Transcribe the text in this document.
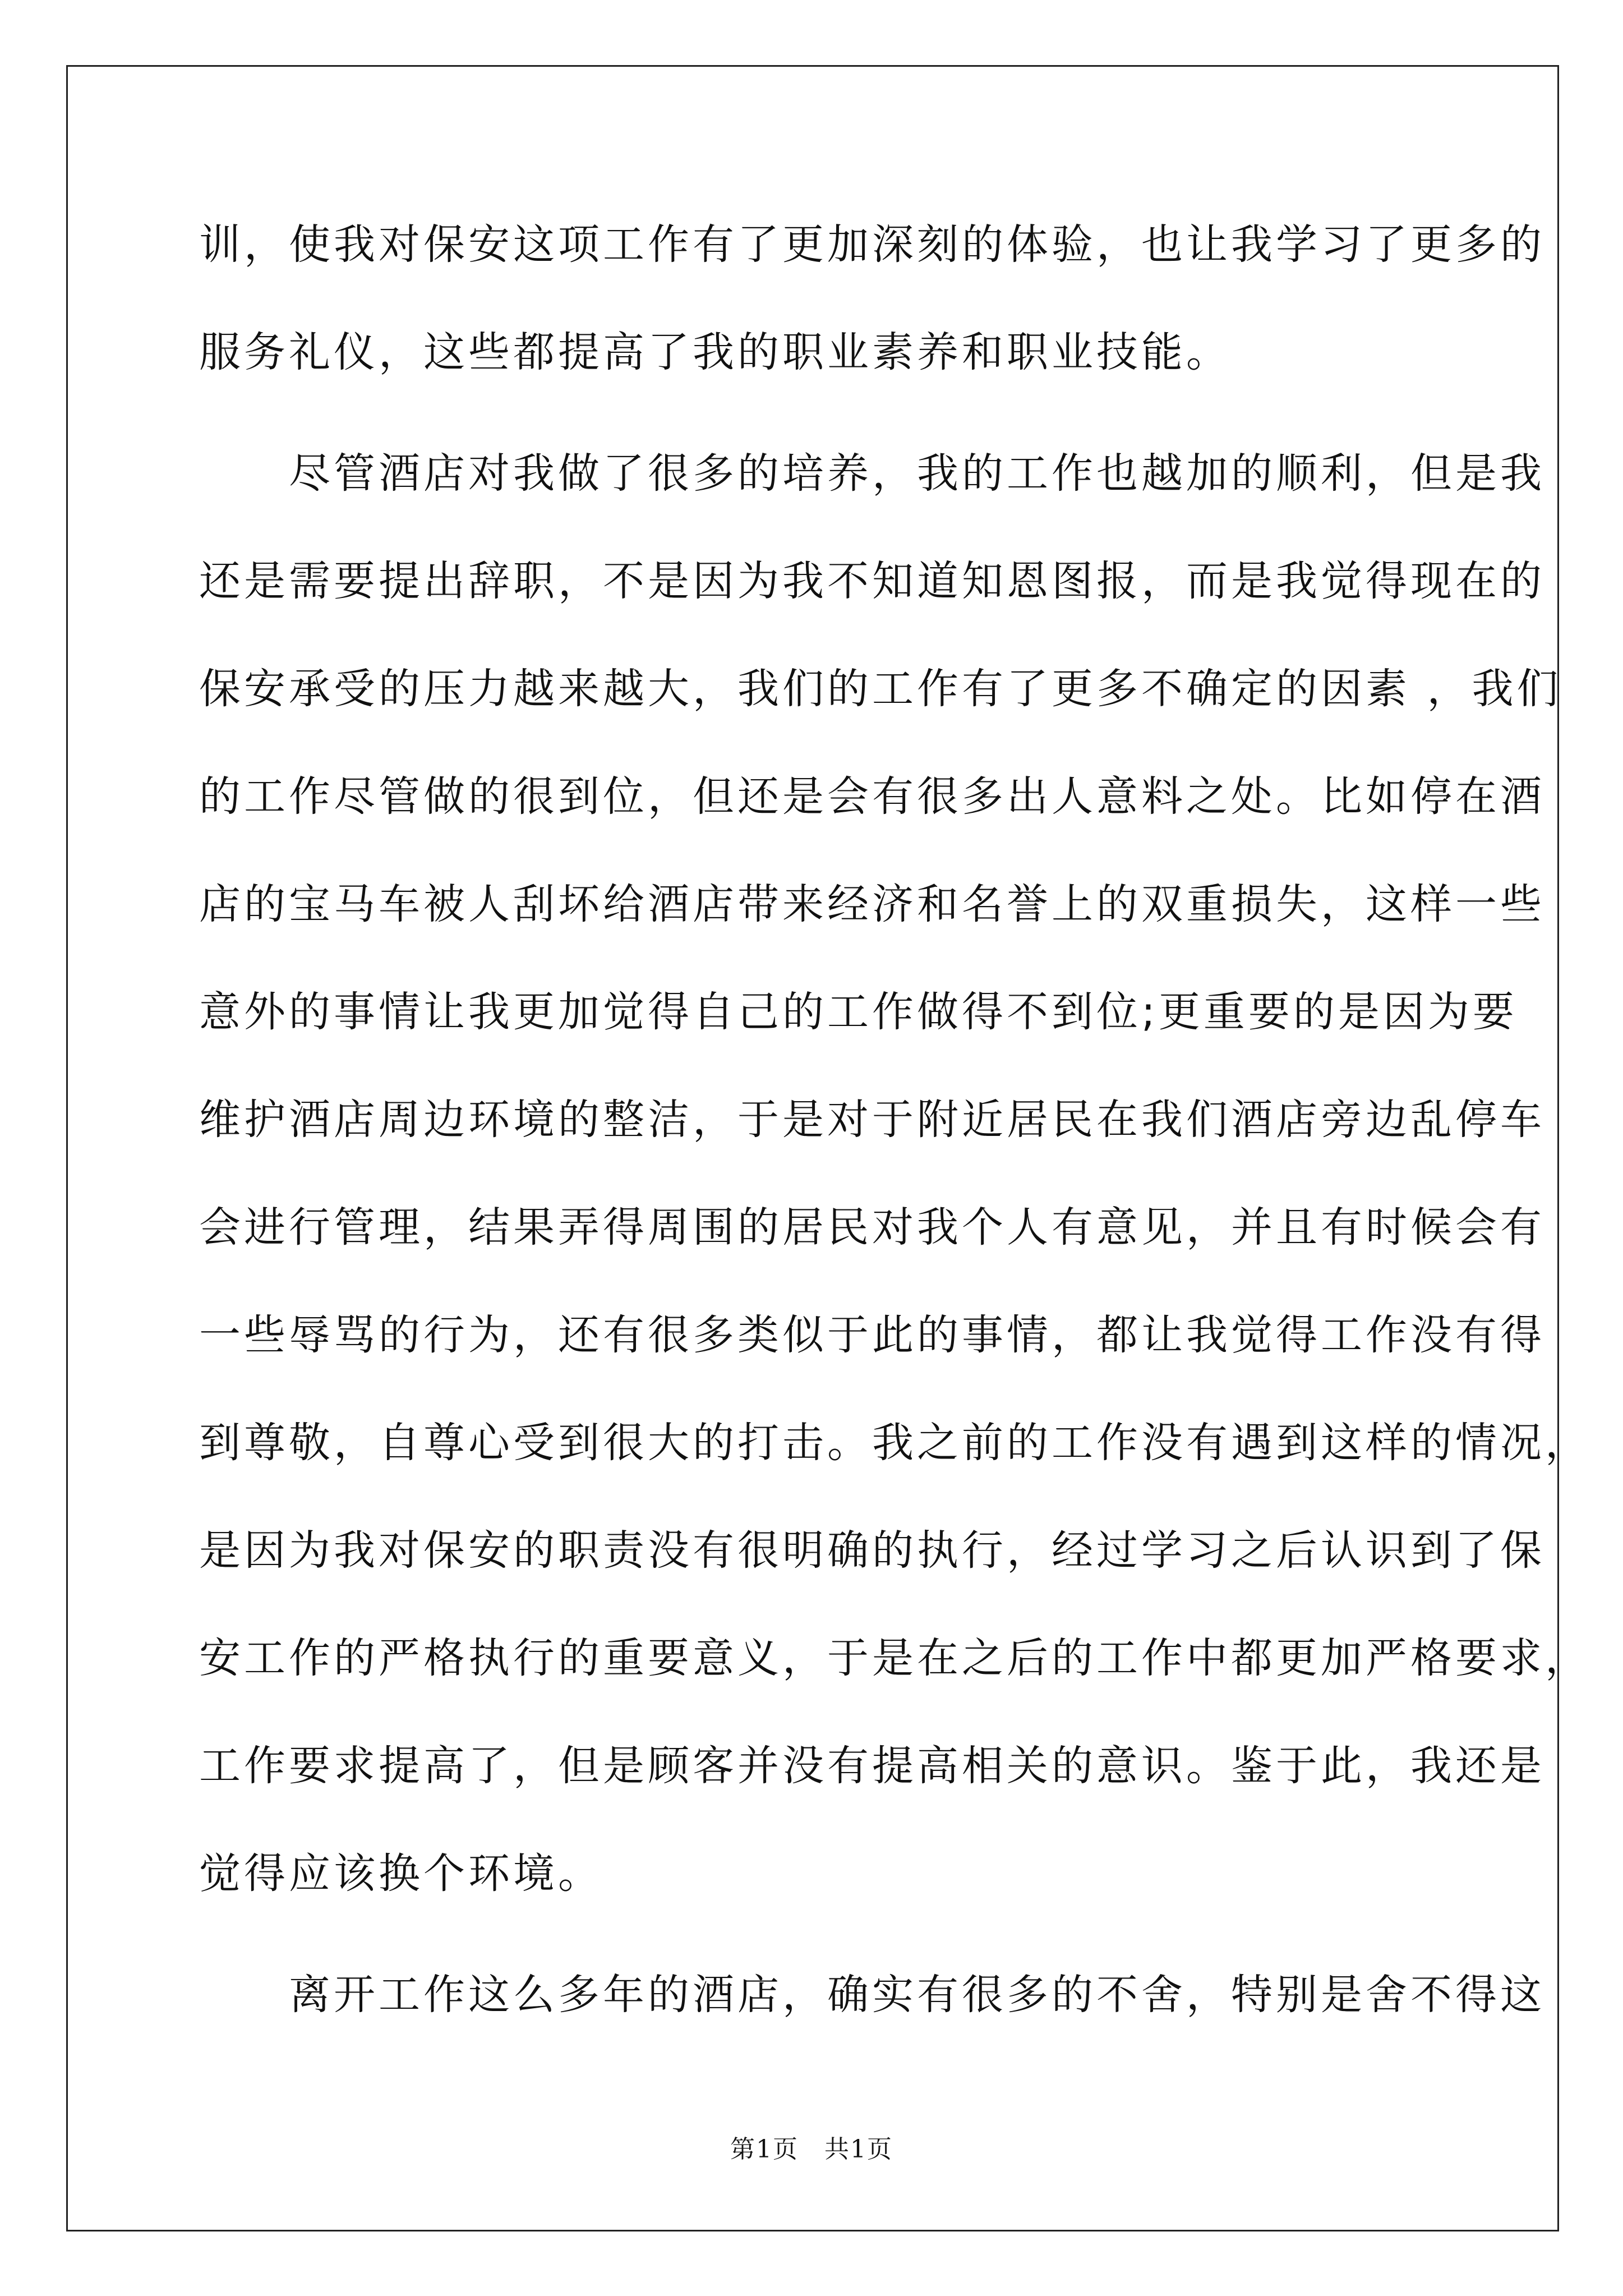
训，使我对保安这项工作有了更加深刻的体验，也让我学习了更多的
服务礼仪，这些都提高了我的职业素养和职业技能。
　　尽管酒店对我做了很多的培养，我的工作也越加的顺利，但是我
还是需要提出辞职，不是因为我不知道知恩图报，而是我觉得现在的
保安承受的压力越来越大，我们的工作有了更多不确定的因素 ，我们
的工作尽管做的很到位，但还是会有很多出人意料之处。比如停在酒
店的宝马车被人刮坏给酒店带来经济和名誉上的双重损失，这样一些
意外的事情让我更加觉得自己的工作做得不到位;更重要的是因为要
维护酒店周边环境的整洁，于是对于附近居民在我们酒店旁边乱停车
会进行管理，结果弄得周围的居民对我个人有意见，并且有时候会有
一些辱骂的行为，还有很多类似于此的事情，都让我觉得工作没有得
到尊敬，自尊心受到很大的打击。我之前的工作没有遇到这样的情况，
是因为我对保安的职责没有很明确的执行，经过学习之后认识到了保
安工作的严格执行的重要意义，于是在之后的工作中都更加严格要求，
工作要求提高了，但是顾客并没有提高相关的意识。鉴于此，我还是
觉得应该换个环境。
　　离开工作这么多年的酒店，确实有很多的不舍，特别是舍不得这
第1页　共1页
